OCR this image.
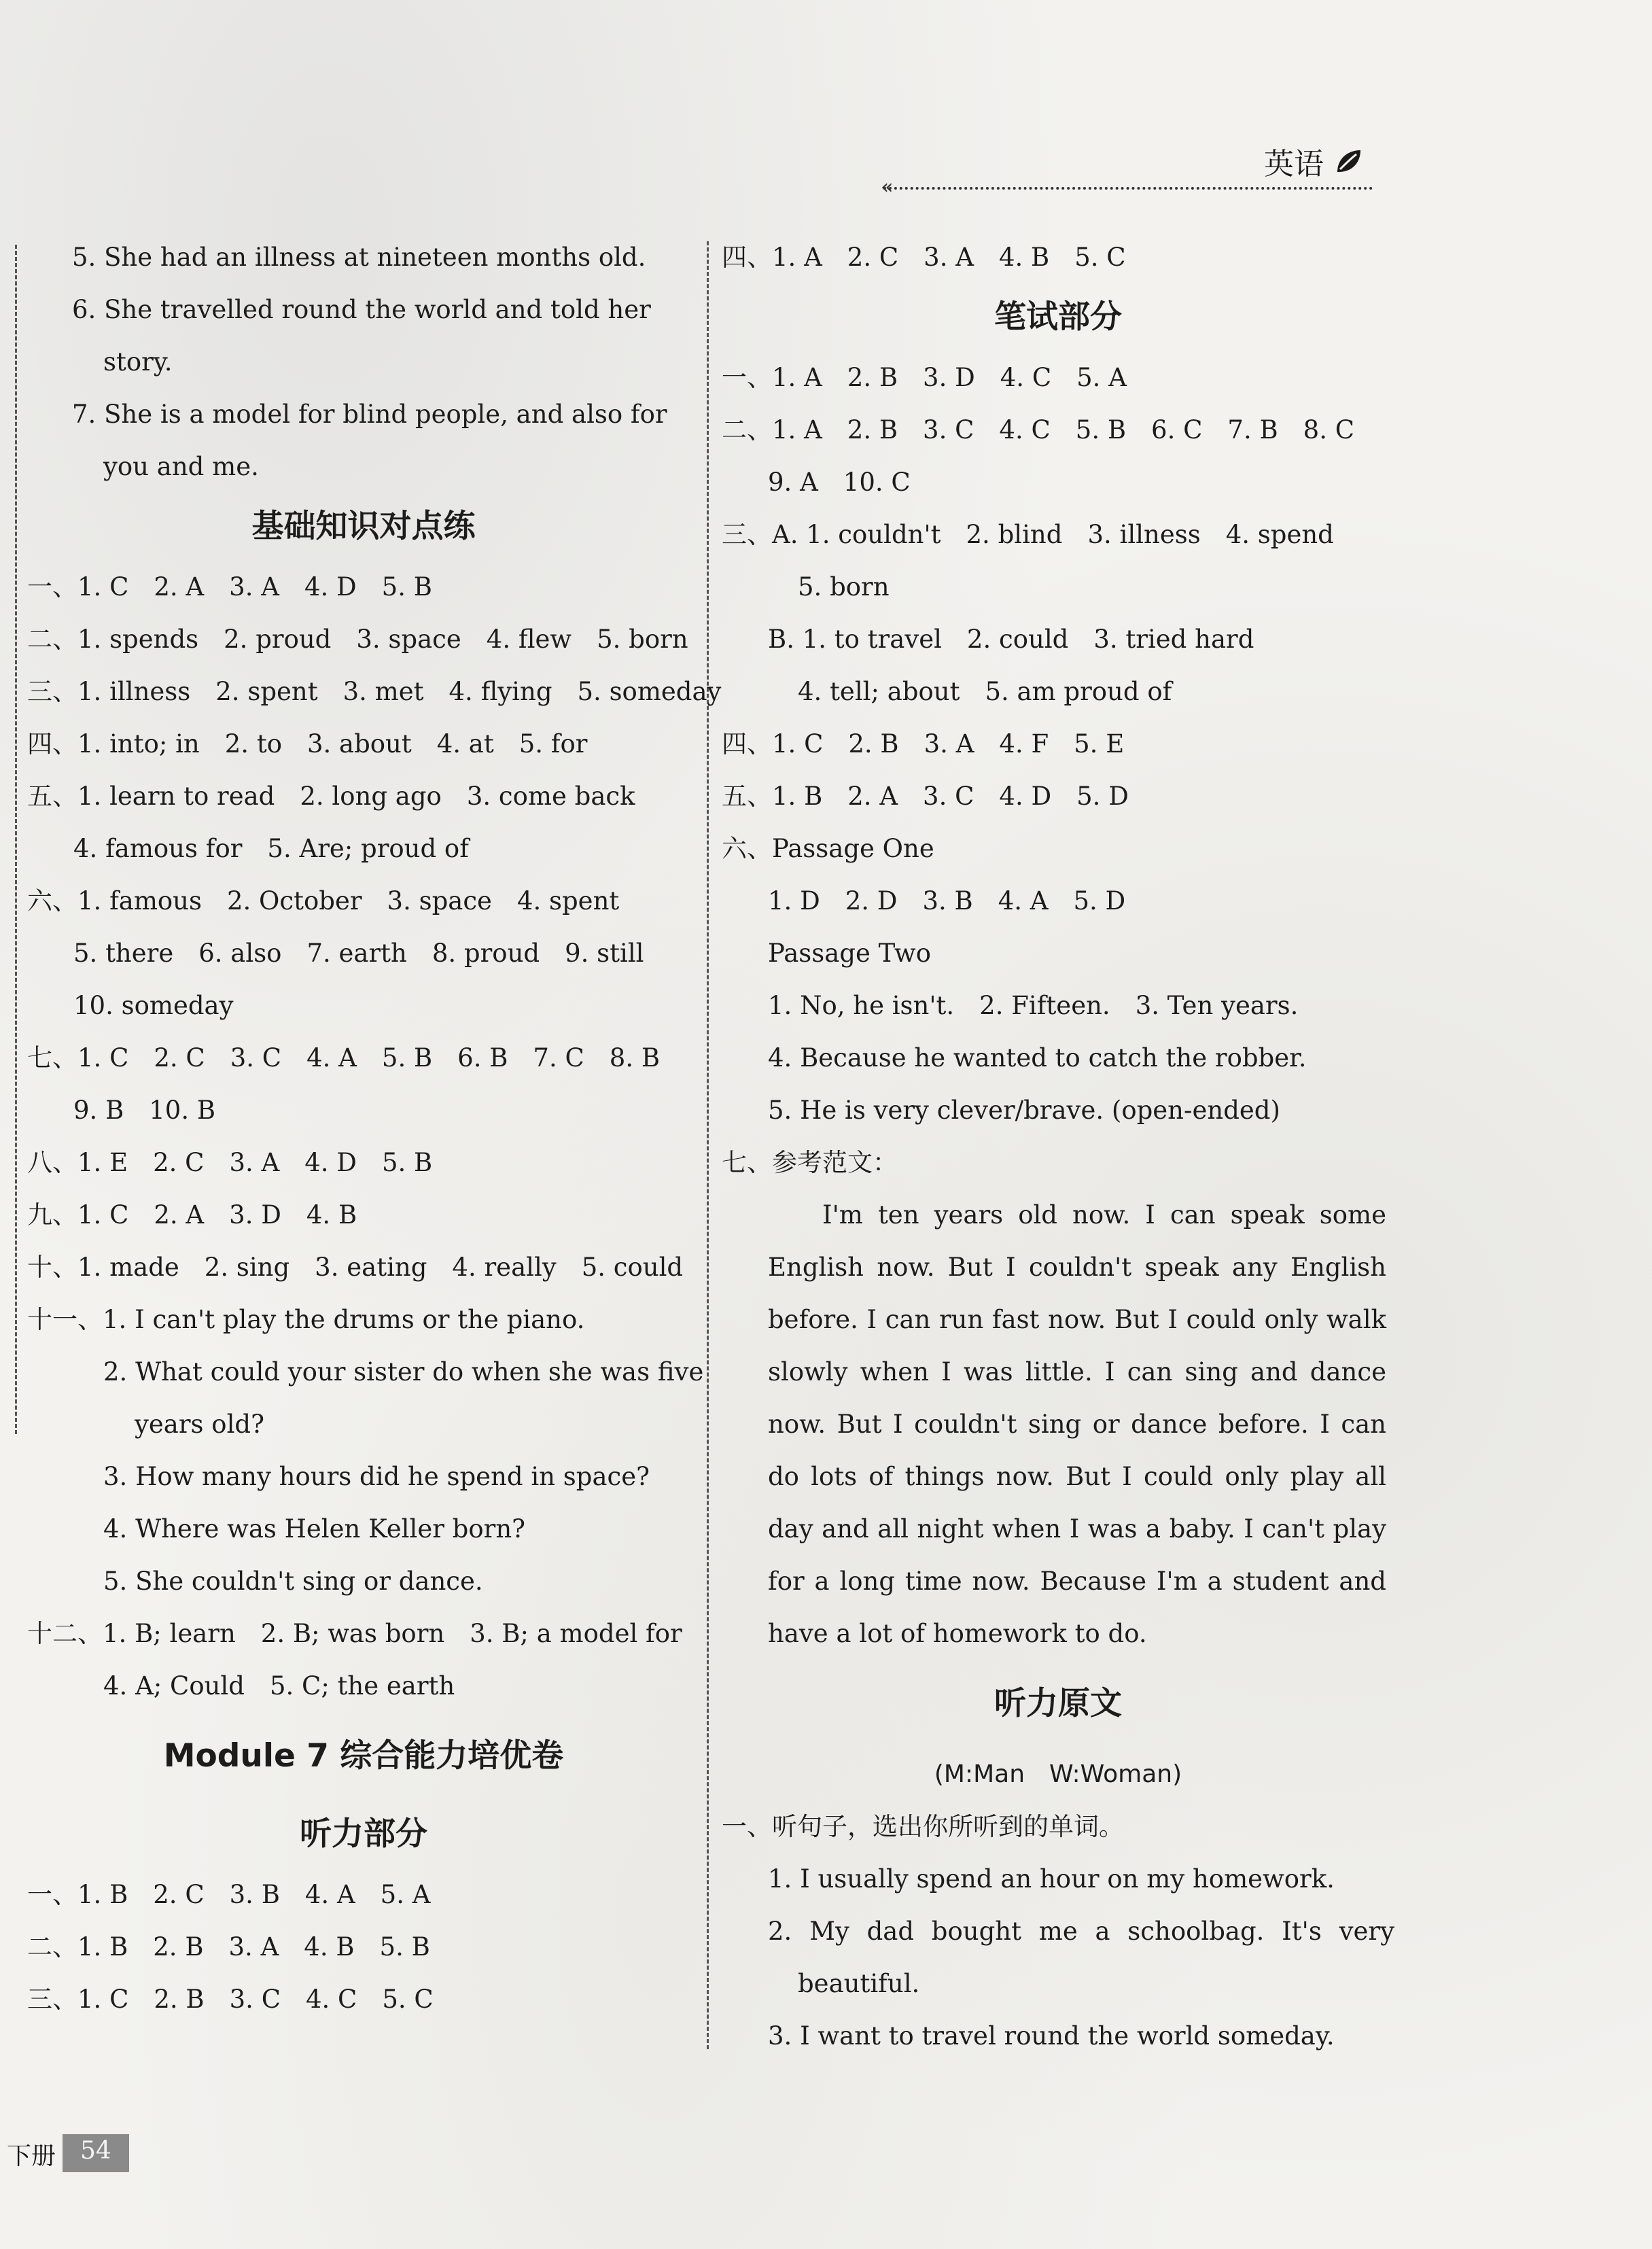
«
英语
5. She had an illness at nineteen months old.
6. She travelled round the world and told her
story.
7. She is a model for blind people, and also for
you and me.
基础知识对点练
一、1. C　2. A　3. A　4. D　5. B
二、1. spends　2. proud　3. space　4. flew　5. born
三、1. illness　2. spent　3. met　4. flying　5. someday
四、1. into; in　2. to　3. about　4. at　5. for
五、1. learn to read　2. long ago　3. come back
4. famous for　5. Are; proud of
六、1. famous　2. October　3. space　4. spent
5. there　6. also　7. earth　8. proud　9. still
10. someday
七、1. C　2. C　3. C　4. A　5. B　6. B　7. C　8. B
9. B　10. B
八、1. E　2. C　3. A　4. D　5. B
九、1. C　2. A　3. D　4. B
十、1. made　2. sing　3. eating　4. really　5. could
十一、1. I can't play the drums or the piano.
2. What could your sister do when she was five
years old?
3. How many hours did he spend in space?
4. Where was Helen Keller born?
5. She couldn't sing or dance.
十二、1. B; learn　2. B; was born　3. B; a model for
4. A; Could　5. C; the earth
Module 7 综合能力培优卷
听力部分
一、1. B　2. C　3. B　4. A　5. A
二、1. B　2. B　3. A　4. B　5. B
三、1. C　2. B　3. C　4. C　5. C
四、1. A　2. C　3. A　4. B　5. C
笔试部分
一、1. A　2. B　3. D　4. C　5. A
二、1. A　2. B　3. C　4. C　5. B　6. C　7. B　8. C
9. A　10. C
三、A. 1. couldn't　2. blind　3. illness　4. spend
5. born
B. 1. to travel　2. could　3. tried hard
4. tell; about　5. am proud of
四、1. C　2. B　3. A　4. F　5. E
五、1. B　2. A　3. C　4. D　5. D
六、Passage One
1. D　2. D　3. B　4. A　5. D
Passage Two
1. No, he isn't.　2. Fifteen.　3. Ten years.
4. Because he wanted to catch the robber.
5. He is very clever/brave. (open-ended)
七、参考范文：
I'm ten years old now. I can speak some English now. But I couldn't speak any English before. I can run fast now. But I could only walk slowly when I was little. I can sing and dance now. But I couldn't sing or dance before. I can do lots of things now. But I could only play all day and all night when I was a baby. I can't play for a long time now. Because I'm a student and have a lot of homework to do.
听力原文
(M:Man　W:Woman)
一、听句子，选出你所听到的单词。
1. I usually spend an hour on my homework.
2. My dad bought me a schoolbag. It's very
beautiful.
3. I want to travel round the world someday.
下册	54
